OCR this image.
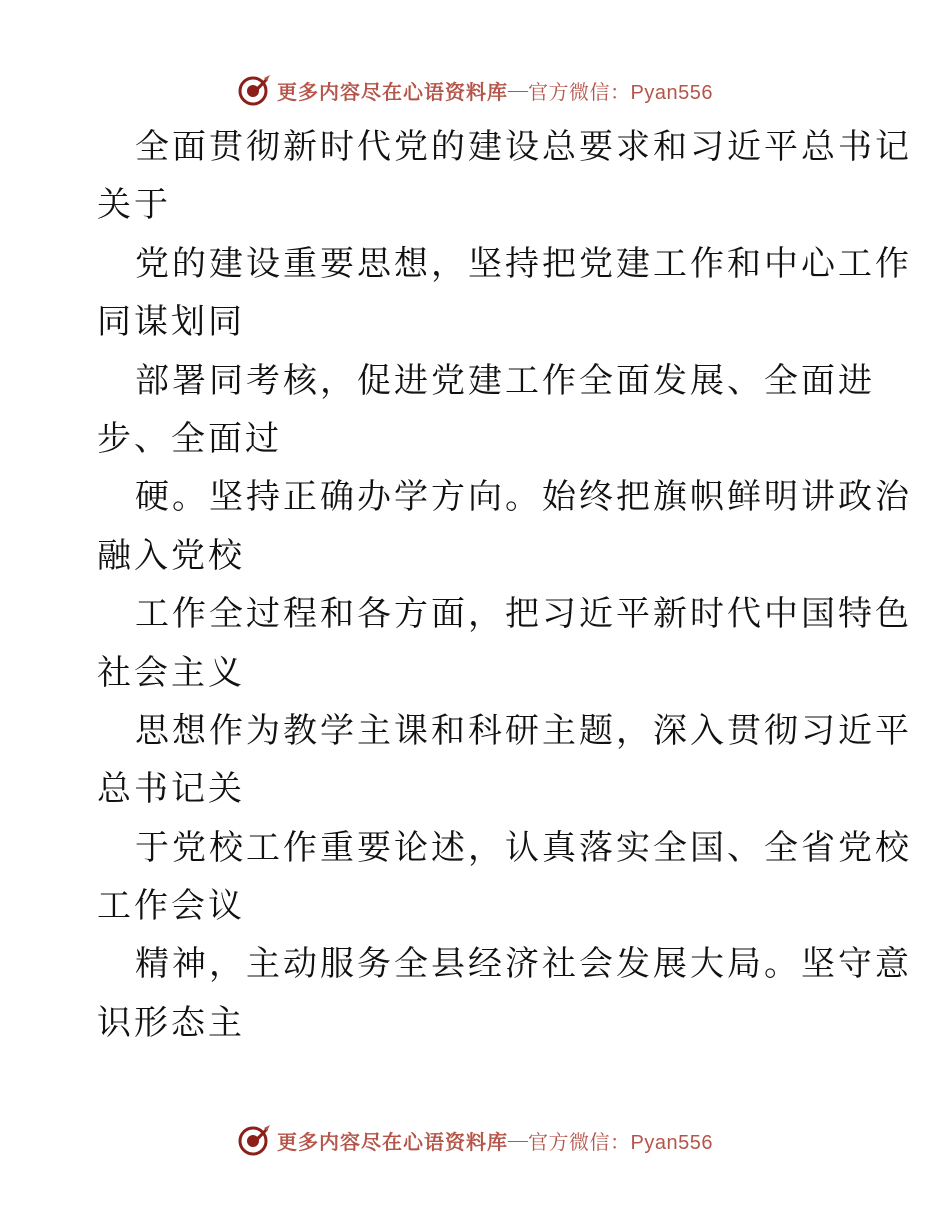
更多内容尽在心语资料库 — 官方微信：Pyan556
全面贯彻新时代党的建设总要求和习近平总书记
关于
党的建设重要思想，坚持把党建工作和中心工作
同谋划同
部署同考核，促进党建工作全面发展、全面进
步、全面过
硬。坚持正确办学方向。始终把旗帜鲜明讲政治
融入党校
工作全过程和各方面，把习近平新时代中国特色
社会主义
思想作为教学主课和科研主题，深入贯彻习近平
总书记关
于党校工作重要论述，认真落实全国、全省党校
工作会议
精神，主动服务全县经济社会发展大局。坚守意
识形态主
更多内容尽在心语资料库 — 官方微信：Pyan556
